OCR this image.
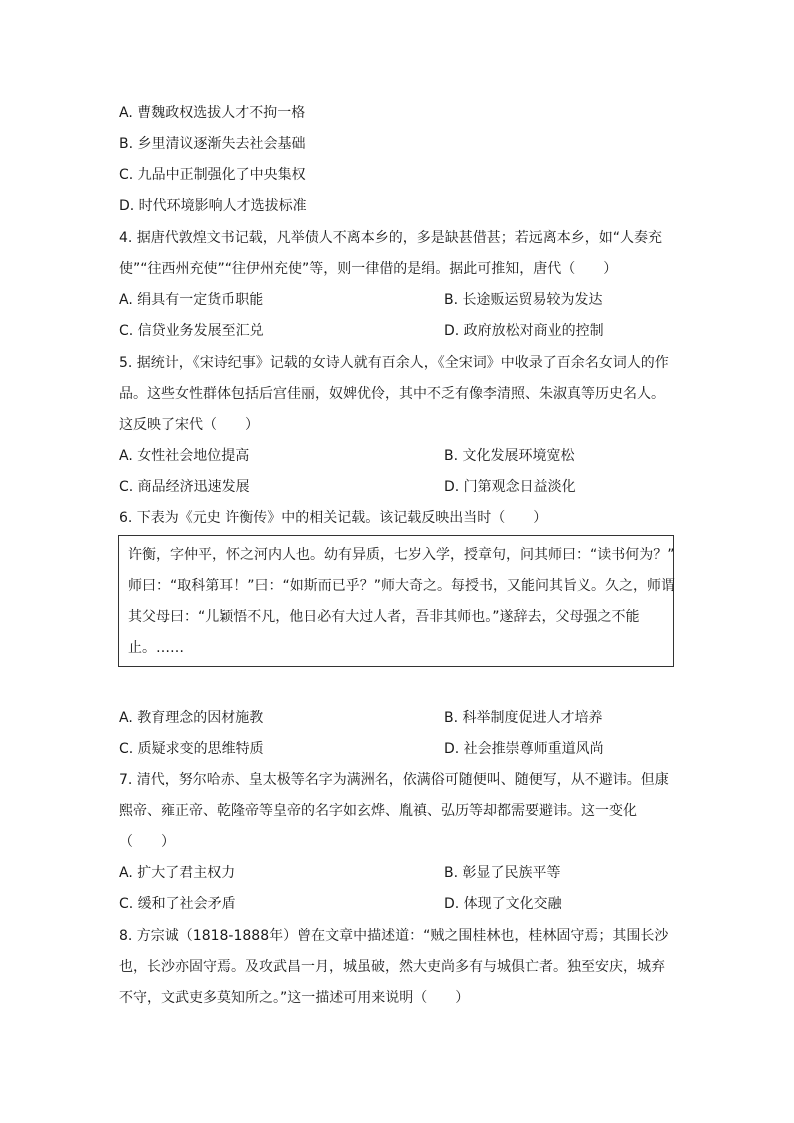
A. 曹魏政权选拔人才不拘一格
B. 乡里清议逐渐失去社会基础
C. 九品中正制强化了中央集权
D. 时代环境影响人才选拔标准
4. 据唐代敦煌文书记载，凡举债人不离本乡的，多是缺甚借甚；若远离本乡，如“人奏充
使”“往西州充使”“往伊州充使”等，则一律借的是绢。据此可推知，唐代（　　）
A. 绢具有一定货币职能	B. 长途贩运贸易较为发达
C. 信贷业务发展至汇兑	D. 政府放松对商业的控制
5. 据统计，《宋诗纪事》记载的女诗人就有百余人，《全宋词》中收录了百余名女词人的作
品。这些女性群体包括后宫佳丽，奴婢优伶，其中不乏有像李清照、朱淑真等历史名人。
这反映了宋代（　　）
A. 女性社会地位提高	B. 文化发展环境宽松
C. 商品经济迅速发展	D. 门第观念日益淡化
6. 下表为《元史 许衡传》中的相关记载。该记载反映出当时（　　）
许衡，字仲平，怀之河内人也。幼有异质，七岁入学，授章句，问其师曰：“读书何为？”
师曰：“取科第耳！”曰：“如斯而已乎？”师大奇之。每授书，又能问其旨义。久之，师谓
其父母曰：“儿颖悟不凡，他日必有大过人者，吾非其师也。”遂辞去，父母强之不能
止。……
A. 教育理念的因材施教	B. 科举制度促进人才培养
C. 质疑求变的思维特质	D. 社会推崇尊师重道风尚
7. 清代，努尔哈赤、皇太极等名字为满洲名，依满俗可随便叫、随便写，从不避讳。但康
熙帝、雍正帝、乾隆帝等皇帝的名字如玄烨、胤禛、弘历等却都需要避讳。这一变化
（　　）
A. 扩大了君主权力	B. 彰显了民族平等
C. 缓和了社会矛盾	D. 体现了文化交融
8. 方宗诚（1818-1888年）曾在文章中描述道：“贼之围桂林也，桂林固守焉；其围长沙
也，长沙亦固守焉。及攻武昌一月，城虽破，然大吏尚多有与城俱亡者。独至安庆，城弃
不守，文武吏多莫知所之。”这一描述可用来说明（　　）
